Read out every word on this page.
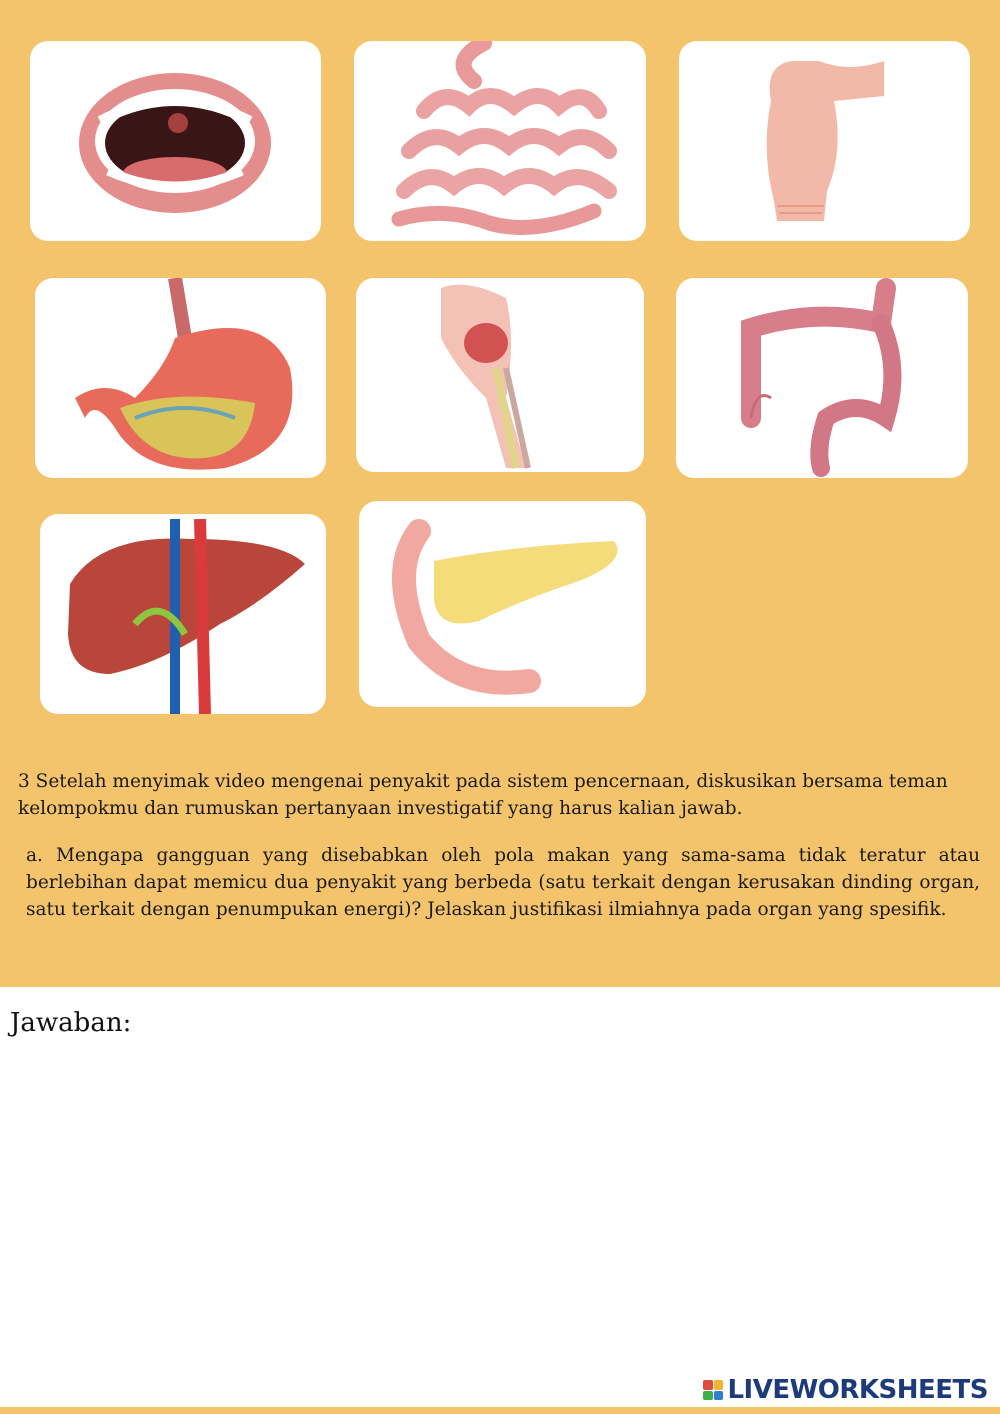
3 Setelah menyimak video mengenai penyakit pada sistem pencernaan, diskusikan bersama teman kelompokmu dan rumuskan pertanyaan investigatif yang harus kalian jawab.

a. Mengapa gangguan yang disebabkan oleh pola makan yang sama-sama tidak teratur atau berlebihan dapat memicu dua penyakit yang berbeda (satu terkait dengan kerusakan dinding organ, satu terkait dengan penumpukan energi)? Jelaskan justifikasi ilmiahnya pada organ yang spesifik.

Jawaban:
LIVEWORKSHEETS
